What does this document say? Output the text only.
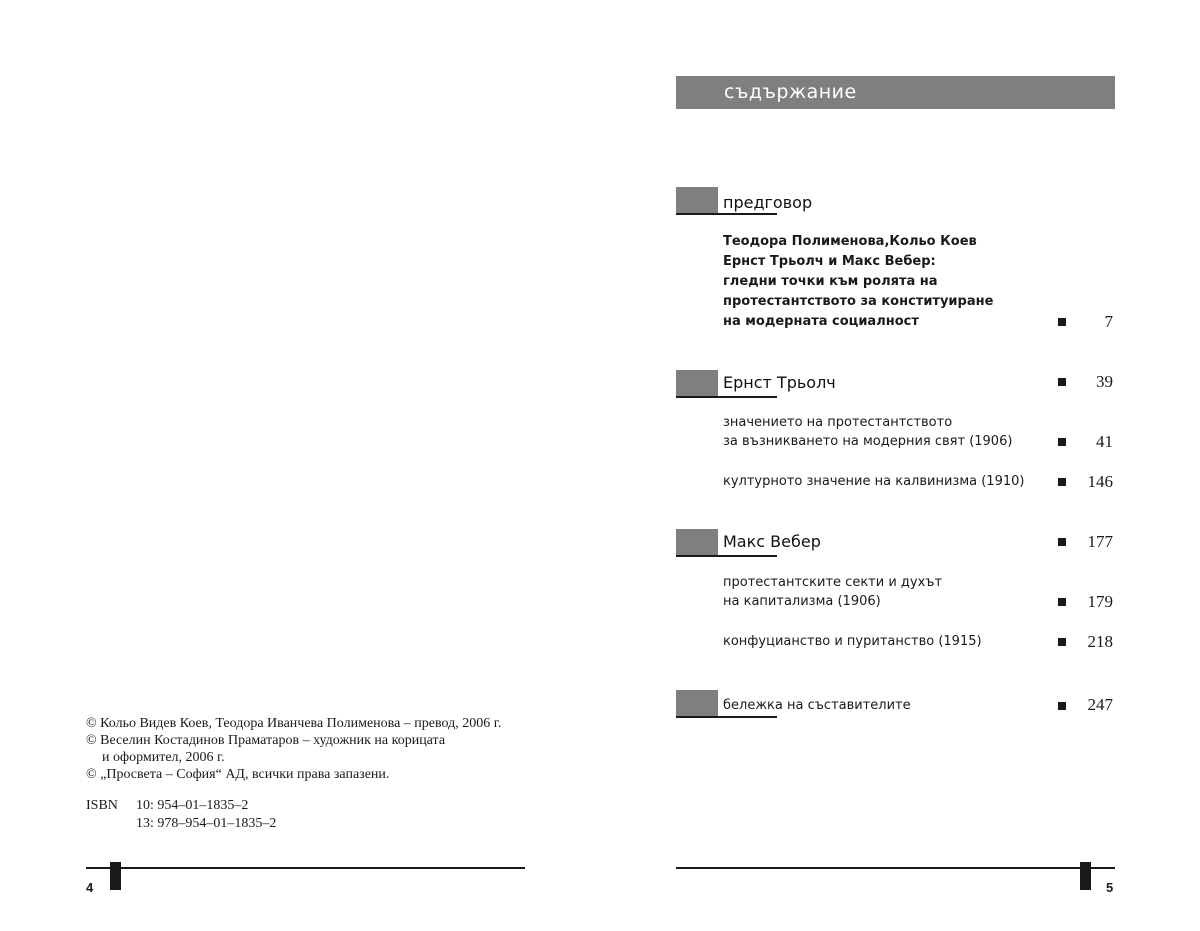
© Кольо Видев Коев, Теодора Иванчева Полименова – превод, 2006 г.
© Веселин Костадинов Праматаров – художник на корицата
и оформител, 2006 г.
© „Просвета – София“ АД, всички права запазени.
ISBN 10: 954–01–1835–2
13: 978–954–01–1835–2
4
съдържание
предговор
Теодора Полименова,Кольо Коев
Ернст Трьолч и Макс Вебер:
гледни точки към ролята на
протестантството за конституиране
на модерната социалност	7
Ернст Трьолч	39
значението на протестантството
за възникването на модерния свят (1906)	41
културното значение на калвинизма (1910)	146
Макс Вебер	177
протестантските секти и духът
на капитализма (1906)	179
конфуцианство и пуританство (1915)	218
бележка на съставителите	247
5
